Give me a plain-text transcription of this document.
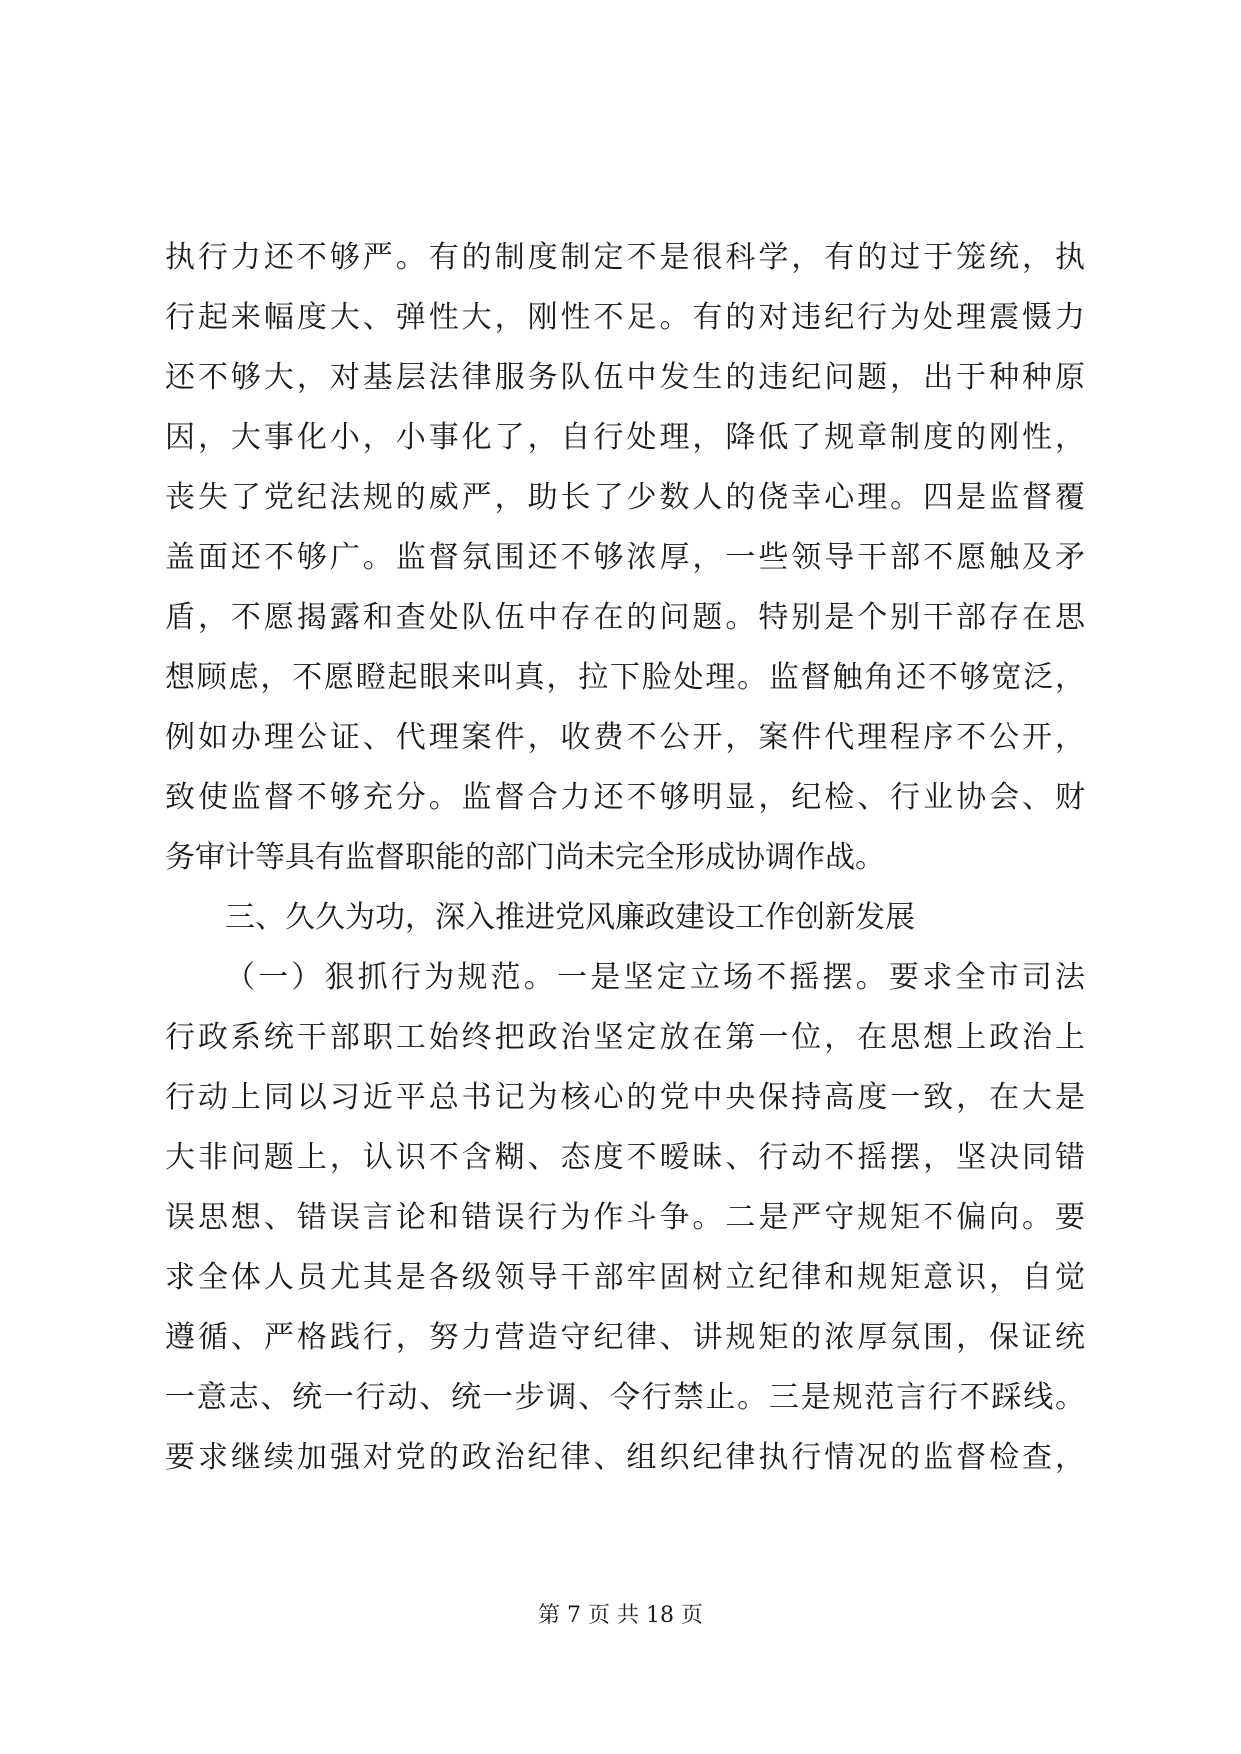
执行力还不够严。有的制度制定不是很科学，有的过于笼统，执
行起来幅度大、弹性大，刚性不足。有的对违纪行为处理震慑力
还不够大，对基层法律服务队伍中发生的违纪问题，出于种种原
因，大事化小，小事化了，自行处理，降低了规章制度的刚性，
丧失了党纪法规的威严，助长了少数人的侥幸心理。四是监督覆
盖面还不够广。监督氛围还不够浓厚，一些领导干部不愿触及矛
盾，不愿揭露和查处队伍中存在的问题。特别是个别干部存在思
想顾虑，不愿瞪起眼来叫真，拉下脸处理。监督触角还不够宽泛，
例如办理公证、代理案件，收费不公开，案件代理程序不公开，
致使监督不够充分。监督合力还不够明显，纪检、行业协会、财
务审计等具有监督职能的部门尚未完全形成协调作战。
三、久久为功，深入推进党风廉政建设工作创新发展
（一）狠抓行为规范。一是坚定立场不摇摆。要求全市司法
行政系统干部职工始终把政治坚定放在第一位，在思想上政治上
行动上同以习近平总书记为核心的党中央保持高度一致，在大是
大非问题上，认识不含糊、态度不暧昧、行动不摇摆，坚决同错
误思想、错误言论和错误行为作斗争。二是严守规矩不偏向。要
求全体人员尤其是各级领导干部牢固树立纪律和规矩意识，自觉
遵循、严格践行，努力营造守纪律、讲规矩的浓厚氛围，保证统
一意志、统一行动、统一步调、令行禁止。三是规范言行不踩线。
要求继续加强对党的政治纪律、组织纪律执行情况的监督检查，
第 7 页 共 18 页
